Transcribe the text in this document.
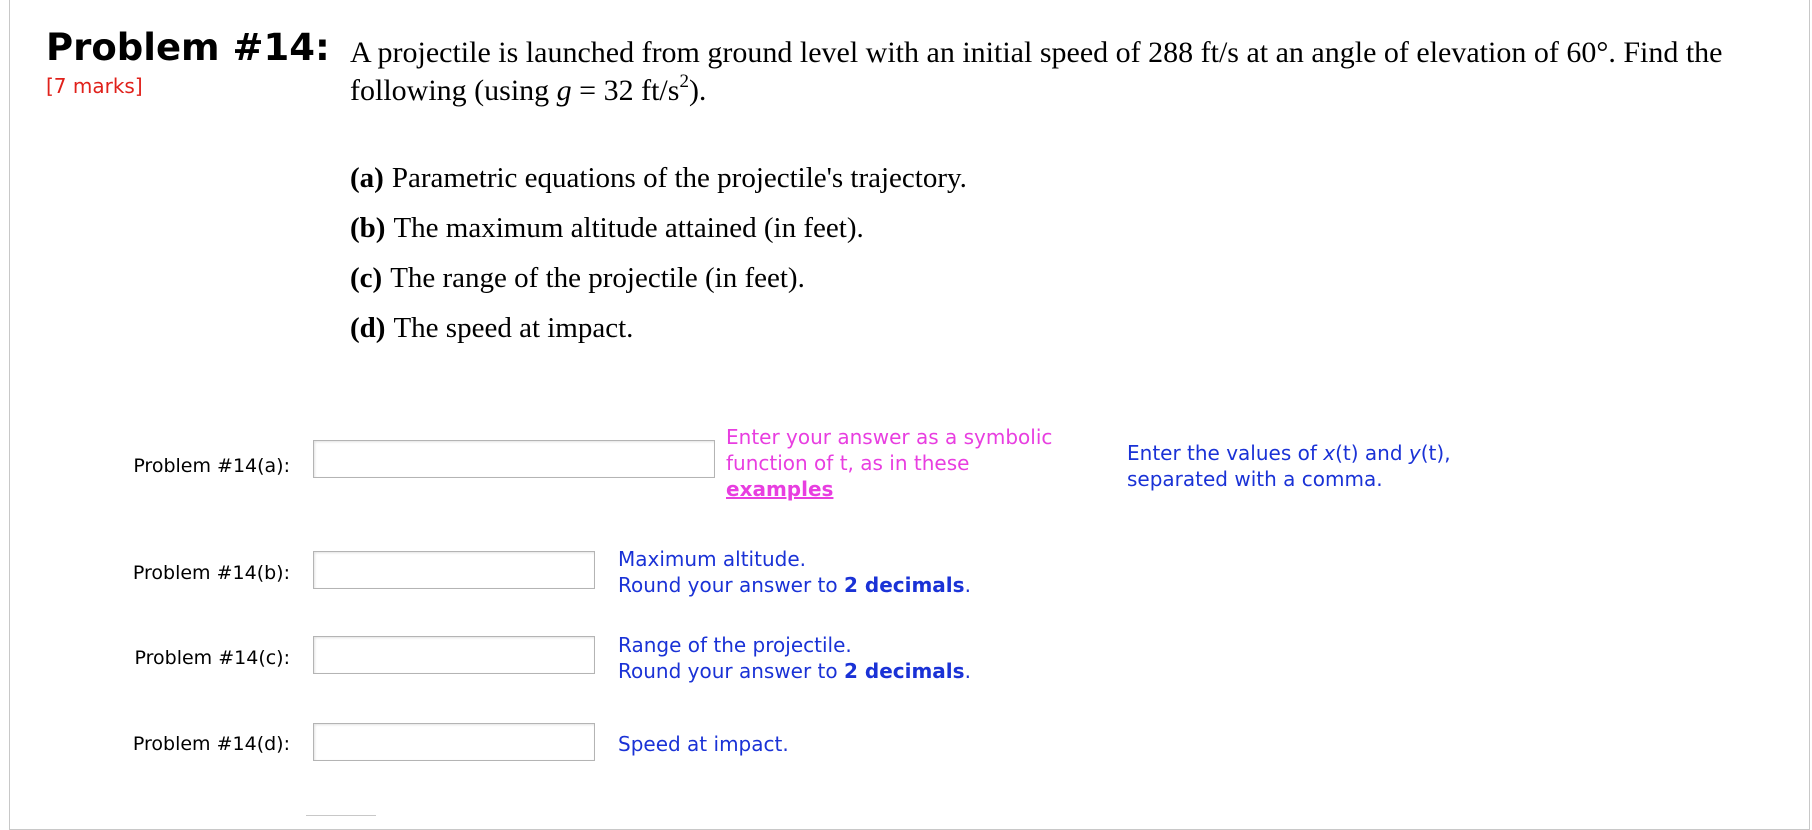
Problem #14:
[7 marks]
A projectile is launched from ground level with an initial speed of 288 ft/s at an angle of elevation of 60°. Find the following (using g = 32 $ft/s^2$).
(a) Parametric equations of the projectile's trajectory.
(b) The maximum altitude attained (in feet).
(c) The range of the projectile (in feet).
(d) The speed at impact.
Problem #14(a):
Enter your answer as a symbolic function of t, as in these
examples
Enter the values of x(t) and y(t),
separated with a comma.
Problem #14(b):
Maximum altitude.
Round your answer to 2 decimals.
Problem #14(c):
Range of the projectile.
Round your answer to 2 decimals.
Problem #14(d):	Speed at impact.
